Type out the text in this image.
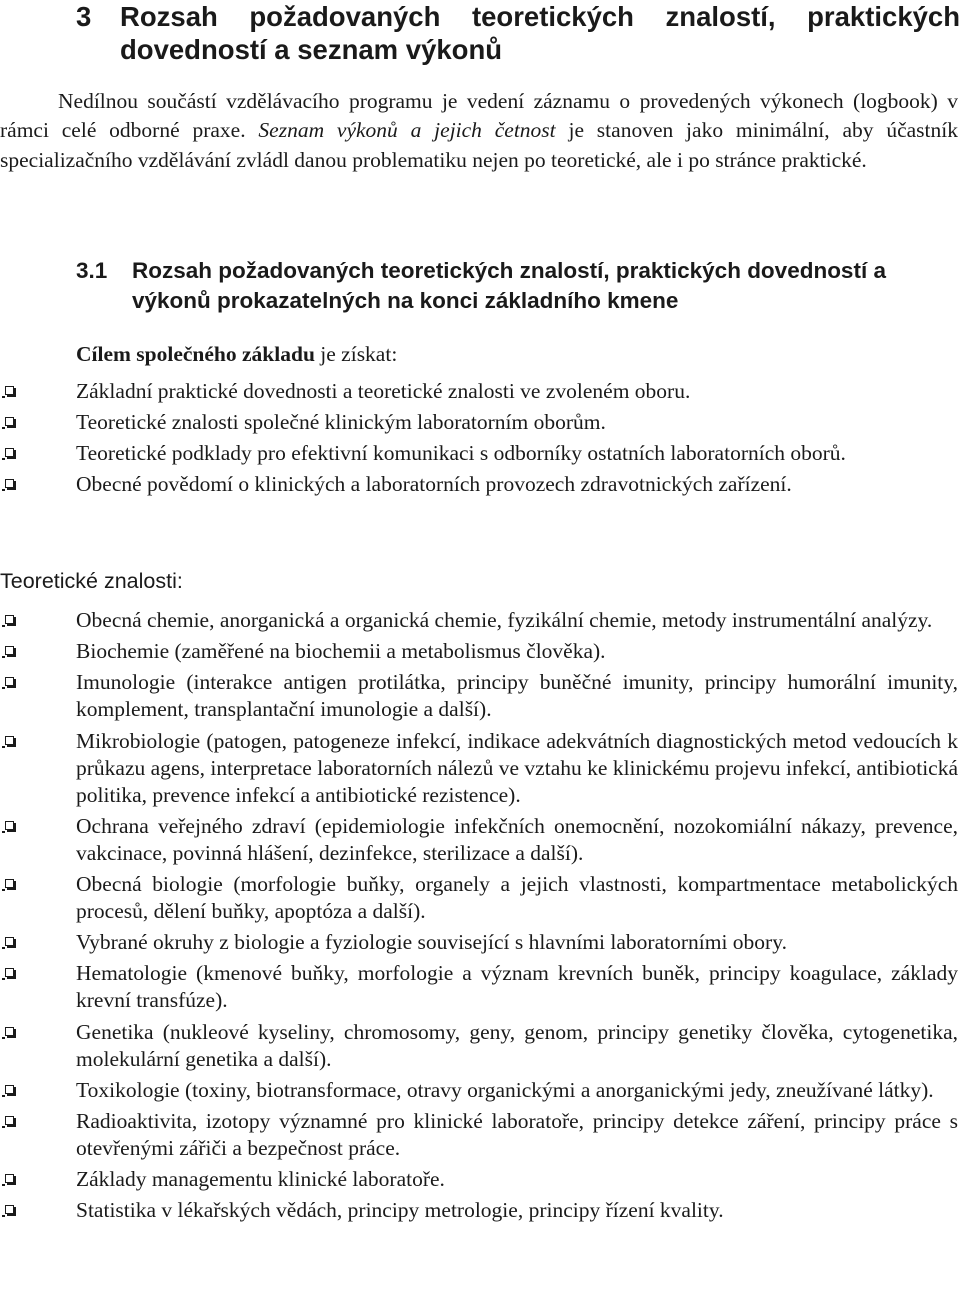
3 Rozsah požadovaných teoretických znalostí, praktických dovedností a seznam výkonů

Nedílnou součástí vzdělávacího programu je vedení záznamu o provedených výkonech (logbook) v rámci celé odborné praxe. Seznam výkonů a jejich četnost je stanoven jako minimální, aby účastník specializačního vzdělávání zvládl danou problematiku nejen po teoretické, ale i po stránce praktické.

3.1 Rozsah požadovaných teoretických znalostí, praktických dovedností a výkonů prokazatelných na konci základního kmene
Cílem společného základu je získat:
Základní praktické dovednosti a teoretické znalosti ve zvoleném oboru.
Teoretické znalosti společné klinickým laboratorním oborům.
Teoretické podklady pro efektivní komunikaci s odborníky ostatních laboratorních oborů.
Obecné povědomí o klinických a laboratorních provozech zdravotnických zařízení.
Teoretické znalosti:
Obecná chemie, anorganická a organická chemie, fyzikální chemie, metody instrumentální analýzy.
Biochemie (zaměřené na biochemii a metabolismus člověka).
Imunologie (interakce antigen protilátka, principy buněčné imunity, principy humorální imunity, komplement, transplantační imunologie a další).
Mikrobiologie (patogen, patogeneze infekcí, indikace adekvátních diagnostických metod vedoucích k průkazu agens, interpretace laboratorních nálezů ve vztahu ke klinickému projevu infekcí, antibiotická politika, prevence infekcí a antibiotické rezistence).
Ochrana veřejného zdraví (epidemiologie infekčních onemocnění, nozokomiální nákazy, prevence, vakcinace, povinná hlášení, dezinfekce, sterilizace a další).
Obecná biologie (morfologie buňky, organely a jejich vlastnosti, kompartmentace metabolických procesů, dělení buňky, apoptóza a další).
Vybrané okruhy z biologie a fyziologie související s hlavními laboratorními obory.
Hematologie (kmenové buňky, morfologie a význam krevních buněk, principy koagulace, základy krevní transfúze).
Genetika (nukleové kyseliny, chromosomy, geny, genom, principy genetiky člověka, cytogenetika, molekulární genetika a další).
Toxikologie (toxiny, biotransformace, otravy organickými a anorganickými jedy, zneužívané látky).
Radioaktivita, izotopy významné pro klinické laboratoře, principy detekce záření, principy práce s otevřenými zářiči a bezpečnost práce.
Základy managementu klinické laboratoře.
Statistika v lékařských vědách, principy metrologie, principy řízení kvality.
